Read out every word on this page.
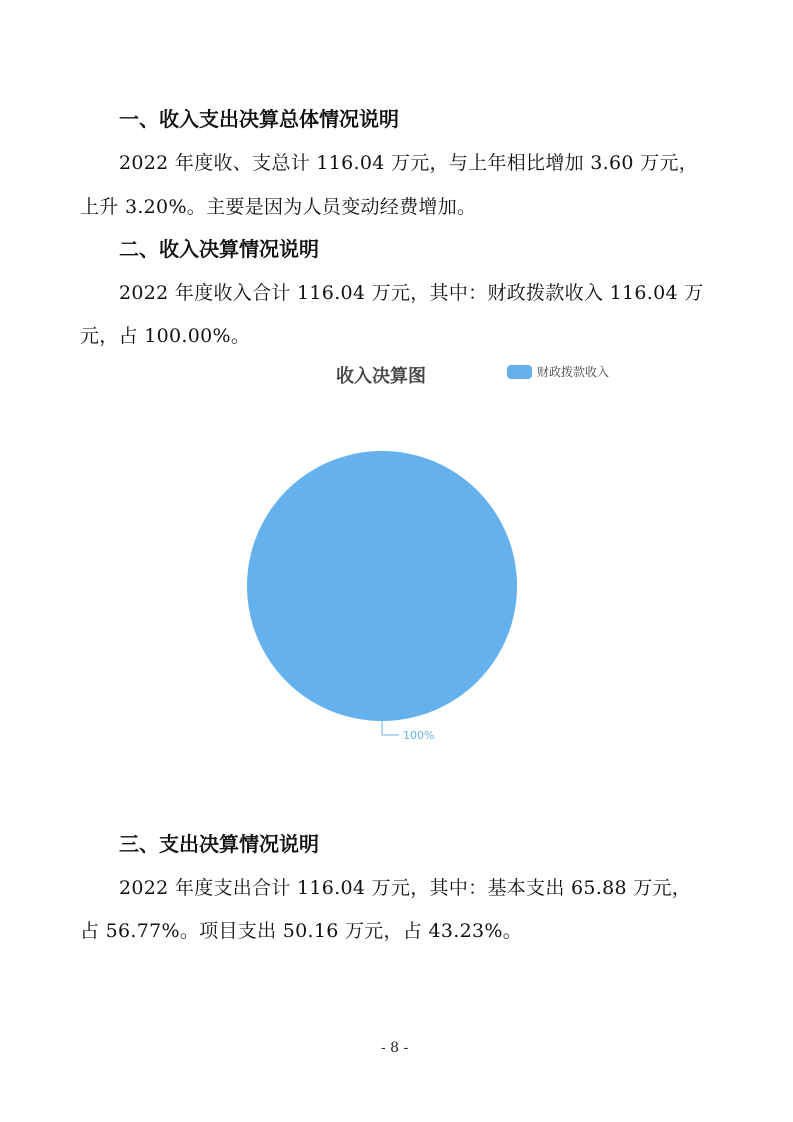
一、收入支出决算总体情况说明
2022 年度收、支总计 116.04 万元，与上年相比增加 3.60 万元，
上升 3.20%。主要是因为人员变动经费增加。
二、收入决算情况说明
2022 年度收入合计 116.04 万元，其中：财政拨款收入 116.04 万
元，占 100.00%。
收入决算图	财政拨款收入
100%
三、支出决算情况说明
2022 年度支出合计 116.04 万元，其中：基本支出 65.88 万元，
占 56.77%。项目支出 50.16 万元，占 43.23%。
- 8 -
